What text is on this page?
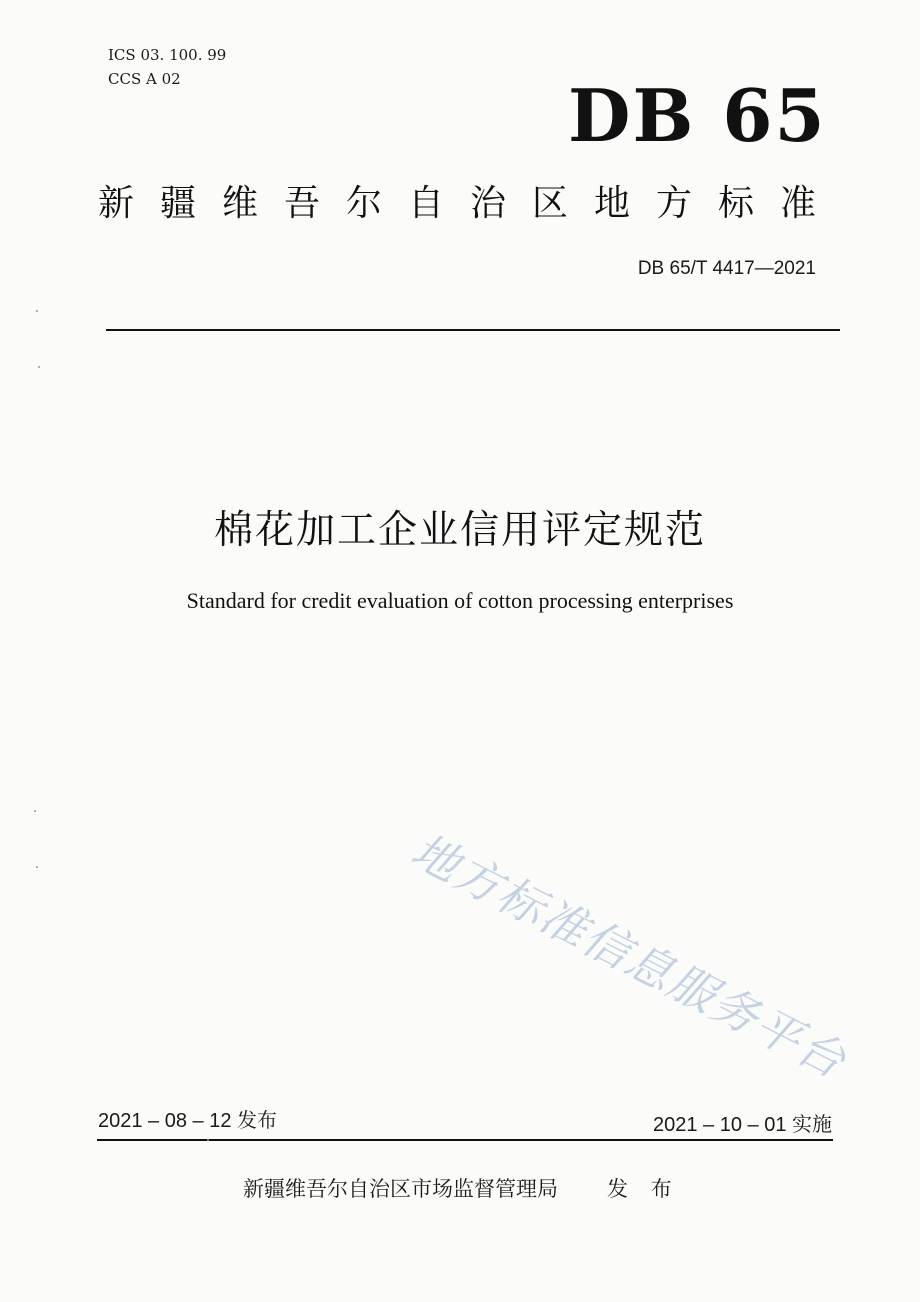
ICS 03. 100. 99
CCS A 02	DB 65
新疆维吾尔自治区地方标准
DB 65/T 4417—2021
棉花加工企业信用评定规范
Standard for credit evaluation of cotton processing enterprises
地方标准信息服务平台
2021 – 08 – 12 发布	2021 – 10 – 01 实施
新疆维吾尔自治区市场监督管理局 发 布
